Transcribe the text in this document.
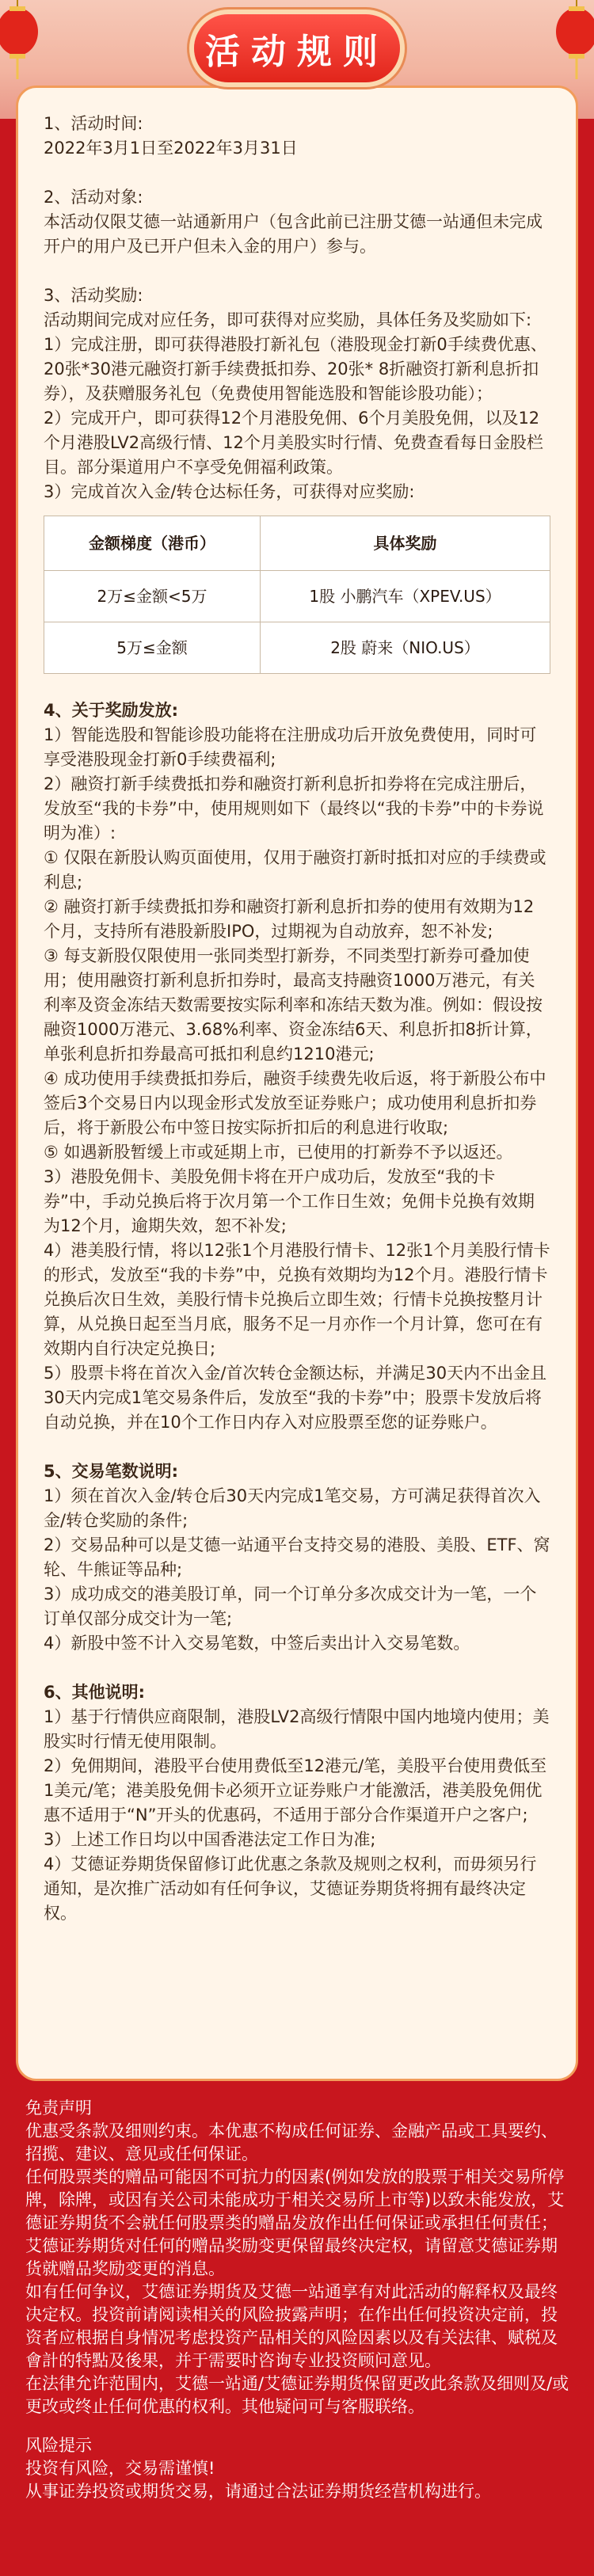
1、活动时间:

2022年3月1日至2022年3月31日

2、活动对象:

本活动仅限艾德一站通新用户（包含此前已注册艾德一站通但未完成开户的用户及已开户但未入金的用户）参与。

3、活动奖励:

活动期间完成对应任务，即可获得对应奖励，具体任务及奖励如下:

1）完成注册，即可获得港股打新礼包（港股现金打新0手续费优惠、20张*30港元融资打新手续费抵扣券、20张* 8折融资打新利息折扣券），及获赠服务礼包（免费使用智能选股和智能诊股功能）；

2）完成开户，即可获得12个月港股免佣、6个月美股免佣，以及12个月港股LV2高级行情、12个月美股实时行情、免费查看每日金股栏目。部分渠道用户不享受免佣福利政策。

3）完成首次入金/转仓达标任务，可获得对应奖励:

金额梯度（港币）	具体奖励
2万≤金额<5万	1股 小鹏汽车（XPEV.US）
5万≤金额	2股 蔚来（NIO.US）

4、关于奖励发放:

1）智能选股和智能诊股功能将在注册成功后开放免费使用，同时可享受港股现金打新0手续费福利;

2）融资打新手续费抵扣券和融资打新利息折扣券将在完成注册后，发放至“我的卡券”中，使用规则如下（最终以“我的卡券”中的卡券说明为准）:

① 仅限在新股认购页面使用，仅用于融资打新时抵扣对应的手续费或利息;

② 融资打新手续费抵扣券和融资打新利息折扣券的使用有效期为12个月，支持所有港股新股IPO，过期视为自动放弃，恕不补发;

③ 每支新股仅限使用一张同类型打新券，不同类型打新券可叠加使用；使用融资打新利息折扣券时，最高支持融资1000万港元，有关利率及资金冻结天数需要按实际利率和冻结天数为准。例如：假设按融资1000万港元、3.68%利率、资金冻结6天、利息折扣8折计算，单张利息折扣券最高可抵扣利息约1210港元;

④ 成功使用手续费抵扣券后，融资手续费先收后返，将于新股公布中签后3个交易日内以现金形式发放至证券账户；成功使用利息折扣券后，将于新股公布中签日按实际折扣后的利息进行收取;

⑤ 如遇新股暂缓上市或延期上市，已使用的打新券不予以返还。

3）港股免佣卡、美股免佣卡将在开户成功后，发放至“我的卡券”中，手动兑换后将于次月第一个工作日生效；免佣卡兑换有效期为12个月，逾期失效，恕不补发;

4）港美股行情，将以12张1个月港股行情卡、12张1个月美股行情卡的形式，发放至“我的卡券”中，兑换有效期均为12个月。港股行情卡兑换后次日生效，美股行情卡兑换后立即生效；行情卡兑换按整月计算，从兑换日起至当月底，服务不足一月亦作一个月计算，您可在有效期内自行决定兑换日;

5）股票卡将在首次入金/首次转仓金额达标，并满足30天内不出金且30天内完成1笔交易条件后，发放至“我的卡券”中；股票卡发放后将自动兑换，并在10个工作日内存入对应股票至您的证券账户。

5、交易笔数说明:

1）须在首次入金/转仓后30天内完成1笔交易，方可满足获得首次入金/转仓奖励的条件;

2）交易品种可以是艾德一站通平台支持交易的港股、美股、ETF、窝轮、牛熊证等品种;

3）成功成交的港美股订单，同一个订单分多次成交计为一笔，一个订单仅部分成交计为一笔;

4）新股中签不计入交易笔数，中签后卖出计入交易笔数。

6、其他说明:

1）基于行情供应商限制，港股LV2高级行情限中国内地境内使用；美股实时行情无使用限制。

2）免佣期间，港股平台使用费低至12港元/笔，美股平台使用费低至1美元/笔；港美股免佣卡必须开立证券账户才能激活，港美股免佣优惠不适用于“N”开头的优惠码，不适用于部分合作渠道开户之客户;

3）上述工作日均以中国香港法定工作日为准;

4）艾德证券期货保留修订此优惠之条款及规则之权利，而毋须另行通知，是次推广活动如有任何争议，艾德证券期货将拥有最终决定权。

免责声明

优惠受条款及细则约束。本优惠不构成任何证券、金融产品或工具要约、招揽、建议、意见或任何保证。

任何股票类的赠品可能因不可抗力的因素(例如发放的股票于相关交易所停牌，除牌，或因有关公司未能成功于相关交易所上市等)以致未能发放，艾德证券期货不会就任何股票类的赠品发放作出任何保证或承担任何责任；艾德证券期货对任何的赠品奖励变更保留最终决定权，请留意艾德证券期货就赠品奖励变更的消息。

如有任何争议，艾德证券期货及艾德一站通享有对此活动的解释权及最终决定权。投资前请阅读相关的风险披露声明；在作出任何投资决定前，投资者应根据自身情况考虑投资产品相关的风险因素以及有关法律、赋税及會計的特點及後果，并于需要时咨询专业投资顾问意见。

在法律允许范围内，艾德一站通/艾德证券期货保留更改此条款及细则及/或更改或终止任何优惠的权利。其他疑问可与客服联络。

风险提示

投资有风险，交易需谨慎!

从事证券投资或期货交易，请通过合法证券期货经营机构进行。

活动规则
